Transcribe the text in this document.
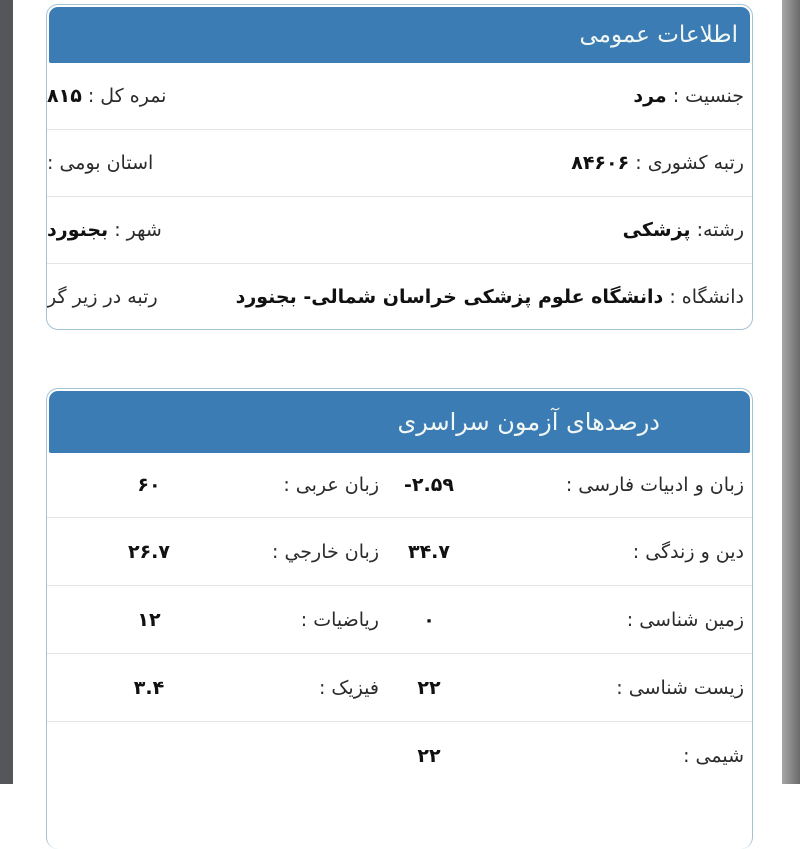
اطلاعات عمومی
جنسیت : مرد
نمره کل : ۸۱۵
رتبه کشوری : ۸۴۶۰۶
استان بومی :
رشته: پزشکی
شهر : بجنورد
دانشگاه : دانشگاه علوم پزشکی خراسان شمالی- بجنورد
رتبه در زیر گر
درصدهای آزمون سراسری
زبان و ادبیات فارسی :
-۲.۵۹
زبان عربی :
۶۰
دین و زندگی :
۳۴.۷
زبان خارجي :
۲۶.۷
زمین شناسی :
۰
ریاضیات :
۱۲
زیست شناسی :
۲۲
فیزیک :
۳.۴
شیمی :
۲۲
